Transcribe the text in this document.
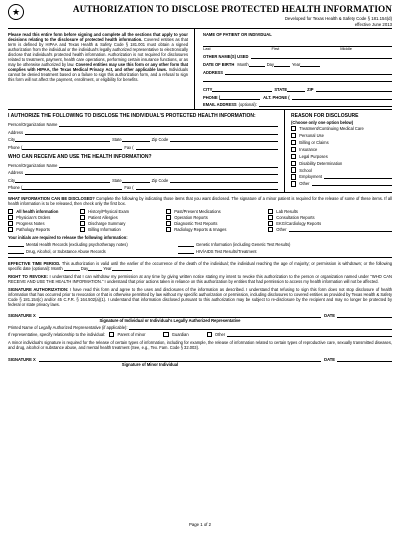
★	AUTHORIZATION TO DISCLOSE PROTECTED HEALTH INFORMATION
Developed for Texas Health & Safety Code § 181.154(d)
effective June 2013
Please read this entire form before signing and complete all the sections that apply to your decisions relating to the disclosure of protected health information. Covered entities as that term is defined by HIPAA and Texas Health & Safety Code § 181.001 must obtain a signed authorization from the individual or the individual's legally authorized representative to electronically disclose that individual's protected health information. Authorization is not required for disclosures related to treatment, payment, health care operations, performing certain insurance functions, or as may be otherwise authorized by law. Covered entities may use this form or any other form that complies with HIPAA, the Texas Medical Privacy Act, and other applicable laws. Individuals cannot be denied treatment based on a failure to sign this authorization form, and a refusal to sign this form will not affect the payment, enrollment, or eligibility for benefits.
NAME OF PATIENT OR INDIVIDUAL
Last	First	Middle
OTHER NAME(S) USED
DATE OF BIRTH Month	Day	Year
ADDRESS
CITY	STATE	ZIP
PHONE (	ALT. PHONE (
EMAIL ADDRESS (optional):
I AUTHORIZE THE FOLLOWING TO DISCLOSE THE INDIVIDUAL'S PROTECTED HEALTH INFORMATION:
Person/Organization Name
Address
City	State	Zip Code
Phone (	Fax (
WHO CAN RECEIVE AND USE THE HEALTH INFORMATION?
Person/Organization Name
Address
City	State	Zip Code
Phone (	Fax (
REASON FOR DISCLOSURE
(Choose only one option below)
Treatment/Continuing Medical Care
Personal Use
Billing or Claims
Insurance
Legal Purposes
Disability Determination
School
Employment
Other
WHAT INFORMATION CAN BE DISCLOSED? Complete the following by indicating those items that you want disclosed. The signature of a minor patient is required for the release of some of these items. If all health information is to be released, then check only the first box.
All health information	History/Physical Exam	Past/Present Medications	Lab Results
Physician's Orders	Patient Allergies	Operation Reports	Consultation Reports
Progress Notes	Discharge Summary	Diagnostic Test Reports	EKG/Cardiology Reports
Pathology Reports	Billing Information	Radiology Reports & Images	Other
Your initials are required to release the following information:
Mental Health Records (excluding psychotherapy notes)	Genetic Information (including Genetic Test Results)
Drug, Alcohol, or Substance Abuse Records	HIV/AIDS Test Results/Treatment
EFFECTIVE TIME PERIOD. This authorization is valid until the earlier of the occurrence of the death of the individual; the individual reaching the age of majority; or permission is withdrawn; or the following specific date (optional): Month	Day	Year
RIGHT TO REVOKE: I understand that I can withdraw my permission at any time by giving written notice stating my intent to revoke this authorization to the person or organization named under "WHO CAN RECEIVE AND USE THE HEALTH INFORMATION." I understand that prior actions taken in reliance on this authorization by entities that had permission to access my health information will not be affected.
SIGNATURE AUTHORIZATION: I have read this form and agree to the uses and disclosures of the information as described. I understand that refusing to sign this form does not stop disclosure of health information that has occurred prior to revocation or that is otherwise permitted by law without my specific authorization or permission, including disclosures to covered entities as provided by Texas Health & Safety Code § 181.154(c) and/or 45 C.F.R. § 164.502(a)(1). I understand that information disclosed pursuant to this authorization may be subject to re-disclosure by the recipient and may no longer be protected by federal or state privacy laws.
SIGNATURE X	DATE
Signature of Individual or Individual's Legally Authorized Representative
Printed Name of Legally Authorized Representative (if applicable):
If representative, specify relationship to the individual:	Parent of minor	Guardian	Other
A minor individual's signature is required for the release of certain types of information, including for example, the release of information related to certain types of reproductive care, sexually transmitted diseases, and drug, alcohol or substance abuse, and mental health treatment (See, e.g., Tex. Fam. Code § 32.003).
SIGNATURE X	DATE
Signature of Minor Individual
Page 1 of 2
